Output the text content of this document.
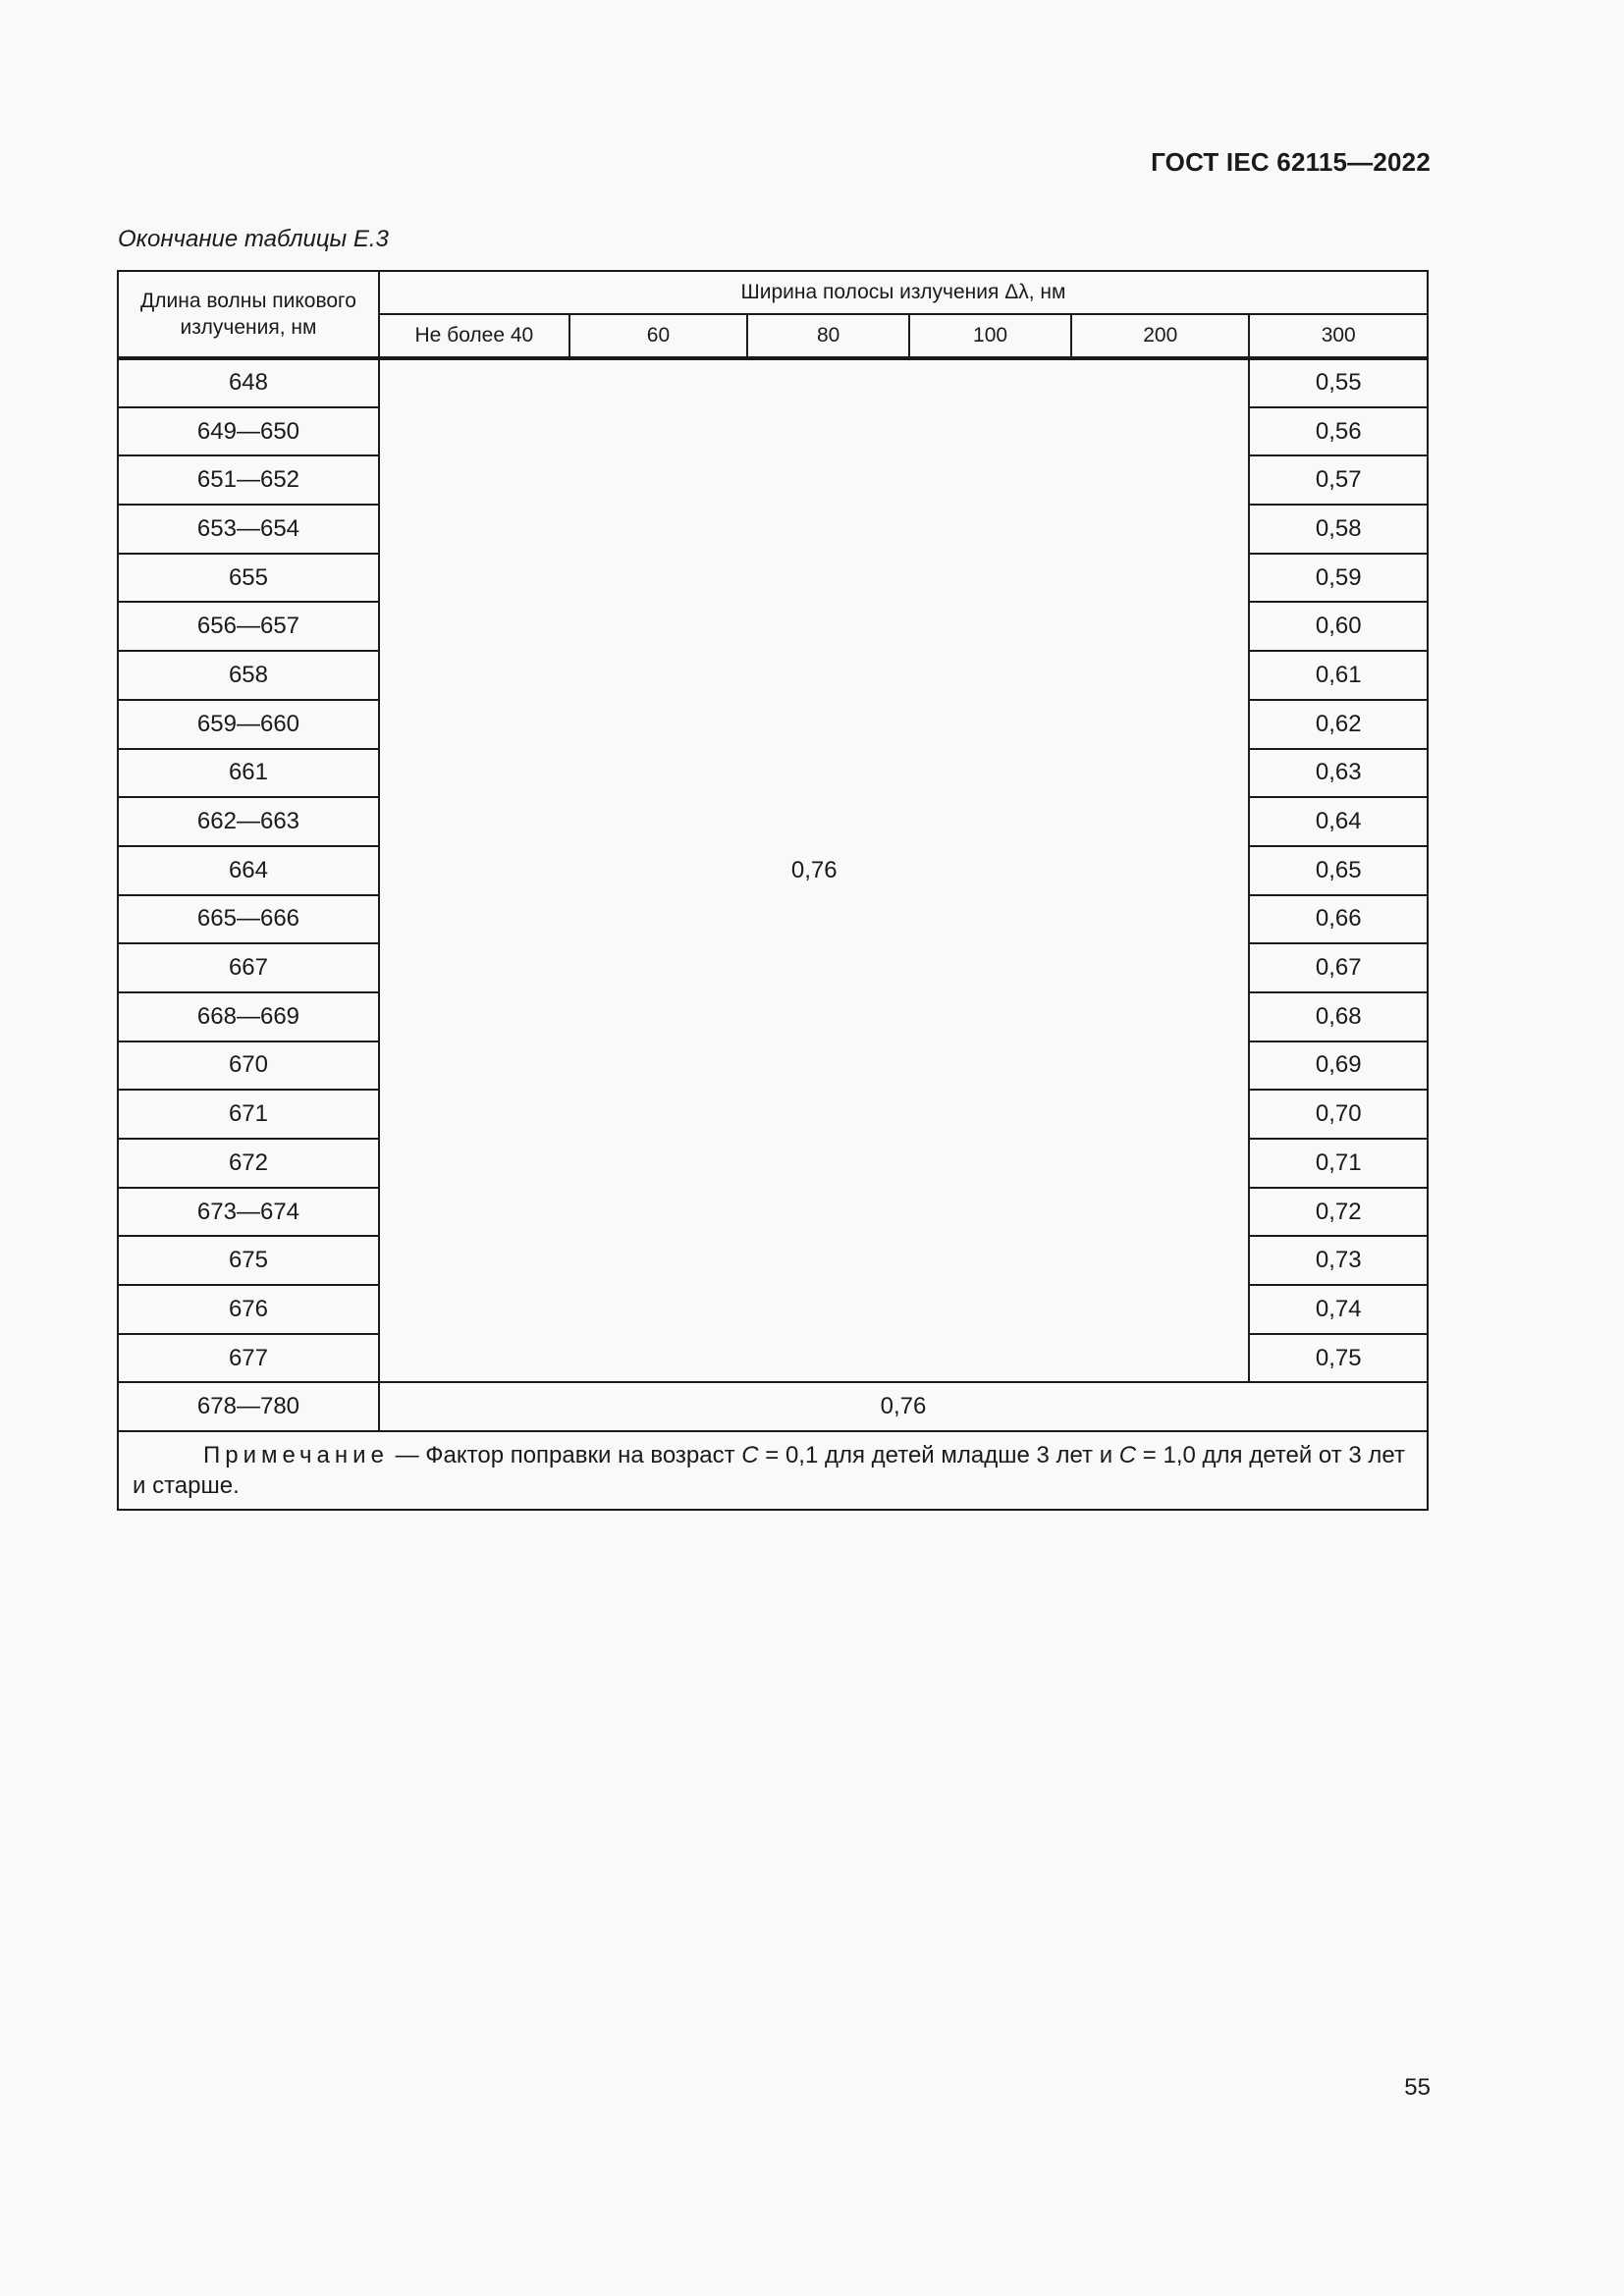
ГОСТ IEC 62115—2022
Окончание таблицы Е.3
Длина волны пикового излучения, нм	Ширина полосы излучения Δλ, нм					
	Не более 40	60	80	100	200	300
648	0,76					0,55
649—650						0,56
651—652						0,57
653—654						0,58
655						0,59
656—657						0,60
658						0,61
659—660						0,62
661						0,63
662—663						0,64
664						0,65
665—666						0,66
667						0,67
668—669						0,68
670						0,69
671						0,70
672						0,71
673—674						0,72
675						0,73
676						0,74
677						0,75
678—780	0,76					
Примечание — Фактор поправки на возраст C = 0,1 для детей младше 3 лет и C = 1,0 для детей от 3 лет и старше.						
55
